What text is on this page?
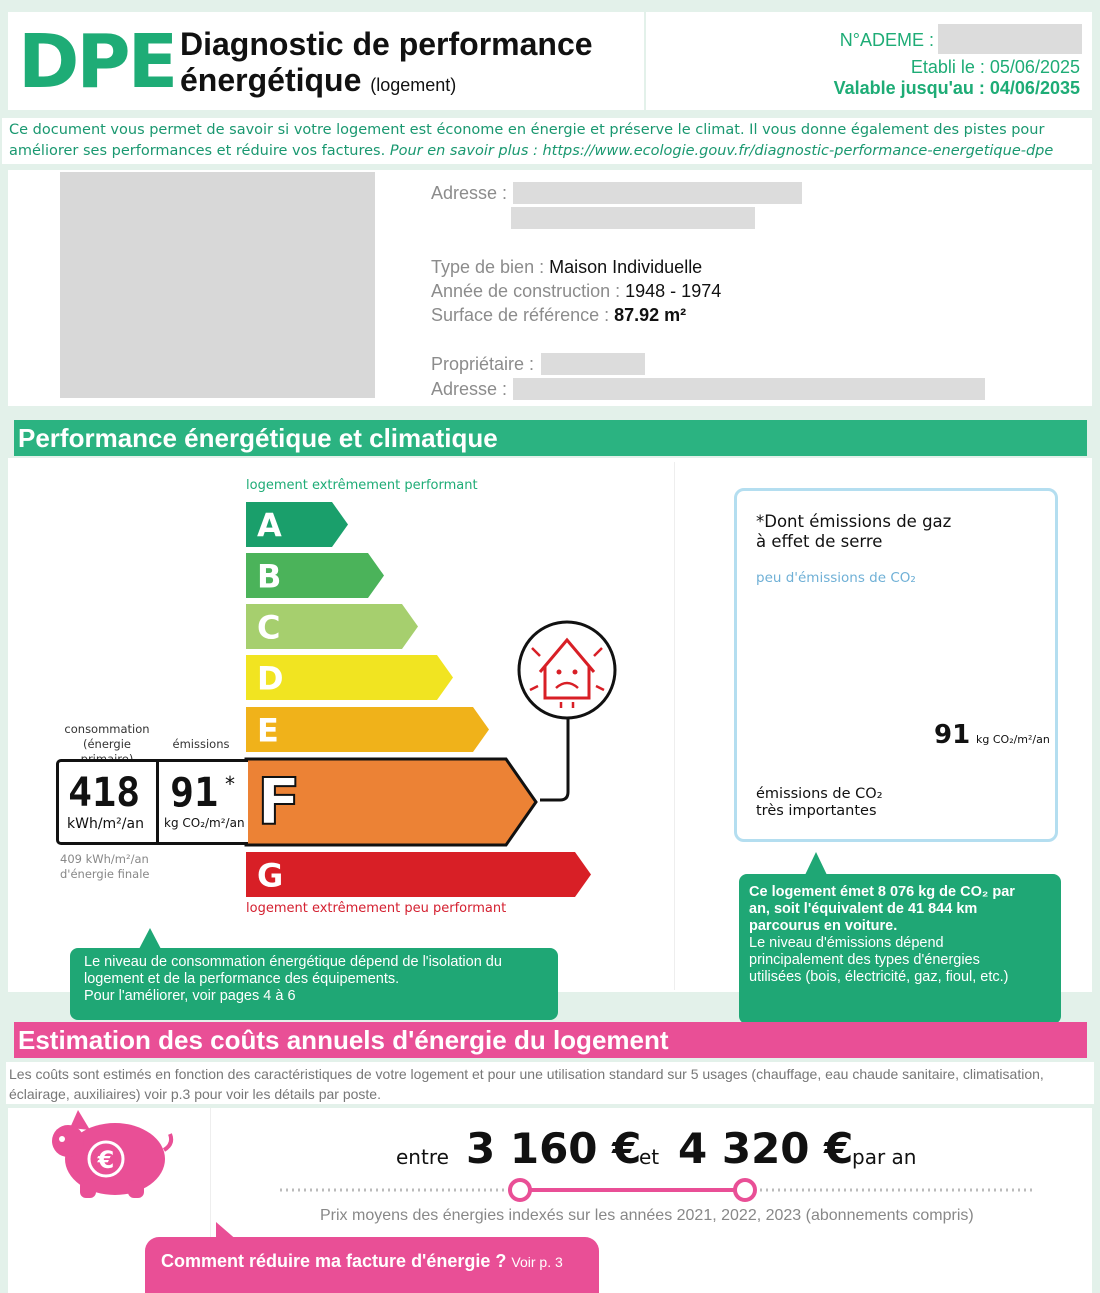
DPE Diagnostic de performance
énergétique (logement)
N°ADEME :
Etabli le : 05/06/2025
Valable jusqu'au : 04/06/2035
Ce document vous permet de savoir si votre logement est économe en énergie et préserve le climat. Il vous donne également des pistes pour améliorer ses performances et réduire vos factures. Pour en savoir plus : https://www.ecologie.gouv.fr/diagnostic-performance-energetique-dpe
Adresse :
Type de bien : Maison Individuelle
Année de construction : 1948 - 1974
Surface de référence : 87.92 m²
Propriétaire :
Adresse :
Performance énergétique et climatique
logement extrêmement performant
logement extrêmement peu performant
A
B
C
D
E
F
G
consommation
(énergie	émissions
418
kWh/m²/an
91 *
kg CO₂/m²/an
409 kWh/m²/an
d'énergie finale
Le niveau de consommation énergétique dépend de l'isolation du
logement et de la performance des équipements.
Pour l'améliorer, voir pages 4 à 6
*Dont émissions de gaz
à effet de serre
peu d'émissions de CO₂
91 kg CO₂/m²/an
émissions de CO₂
très importantes
Ce logement émet 8 076 kg de CO₂ par
an, soit l'équivalent de 41 844 km
parcourus en voiture.
Le niveau d'émissions dépend
principalement des types d'énergies
utilisées (bois, électricité, gaz, fioul, etc.)
Estimation des coûts annuels d'énergie du logement
Les coûts sont estimés en fonction des caractéristiques de votre logement et pour une utilisation standard sur 5 usages (chauffage, eau chaude sanitaire, climatisation, éclairage, auxiliaires) voir p.3 pour voir les détails par poste.
€	entre 3 160 €
et 4 320 €
par an
Prix moyens des énergies indexés sur les années 2021, 2022, 2023 (abonnements compris)
Comment réduire ma facture d'énergie ? Voir p. 3
